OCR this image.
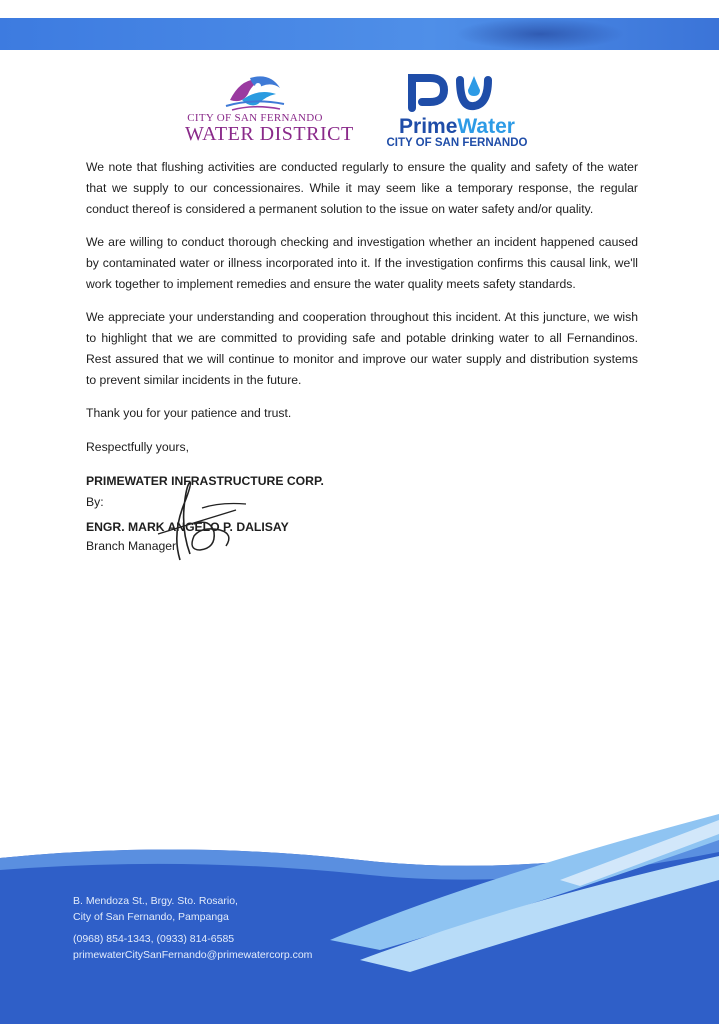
CITY OF SAN FERNANDO
WATER DISTRICT	PrimeWater
CITY OF SAN FERNANDO

We note that flushing activities are conducted regularly to ensure the quality and safety of the water that we supply to our concessionaires. While it may seem like a temporary response, the regular conduct thereof is considered a permanent solution to the issue on water safety and/or quality.

We are willing to conduct thorough checking and investigation whether an incident happened caused by contaminated water or illness incorporated into it. If the investigation confirms this causal link, we'll work together to implement remedies and ensure the water quality meets safety standards.

We appreciate your understanding and cooperation throughout this incident. At this juncture, we wish to highlight that we are committed to providing safe and potable drinking water to all Fernandinos. Rest assured that we will continue to monitor and improve our water supply and distribution systems to prevent similar incidents in the future.

Thank you for your patience and trust.

Respectfully yours,

PRIMEWATER INFRASTRUCTURE CORP.

By:

ENGR. MARK ANGELO P. DALISAY

Branch Manager

B. Mendoza St., Brgy. Sto. Rosario,
City of San Fernando, Pampanga
(0968) 854-1343, (0933) 814-6585
primewaterCitySanFernando@primewatercorp.com
